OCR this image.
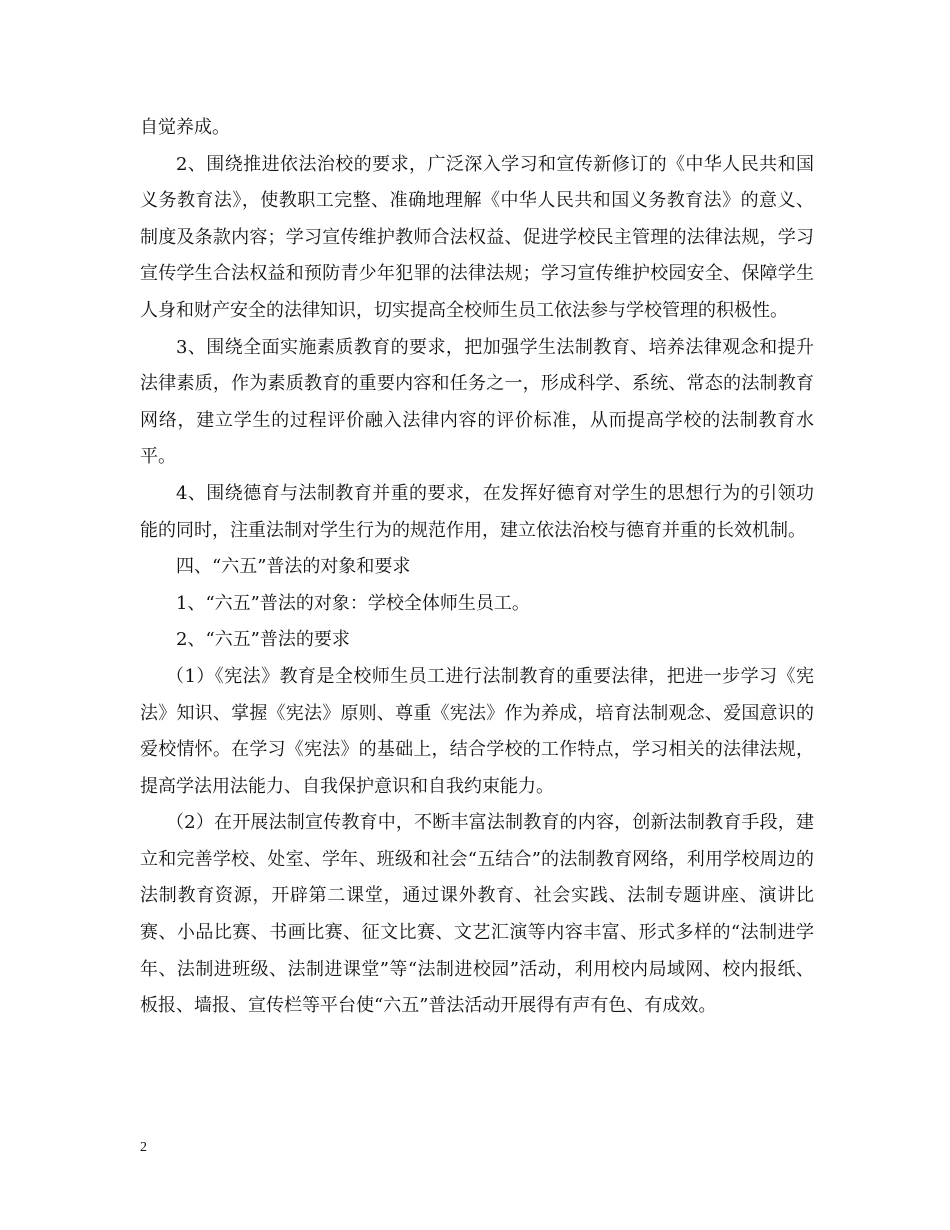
自觉养成。

2、围绕推进依法治校的要求，广泛深入学习和宣传新修订的《中华人民共和国义务教育法》，使教职工完整、准确地理解《中华人民共和国义务教育法》的意义、制度及条款内容；学习宣传维护教师合法权益、促进学校民主管理的法律法规，学习宣传学生合法权益和预防青少年犯罪的法律法规；学习宣传维护校园安全、保障学生人身和财产安全的法律知识，切实提高全校师生员工依法参与学校管理的积极性。

3、围绕全面实施素质教育的要求，把加强学生法制教育、培养法律观念和提升法律素质，作为素质教育的重要内容和任务之一，形成科学、系统、常态的法制教育网络，建立学生的过程评价融入法律内容的评价标准，从而提高学校的法制教育水平。

4、围绕德育与法制教育并重的要求，在发挥好德育对学生的思想行为的引领功能的同时，注重法制对学生行为的规范作用，建立依法治校与德育并重的长效机制。

四、“六五”普法的对象和要求

1、“六五”普法的对象：学校全体师生员工。

2、“六五”普法的要求

（1）《宪法》教育是全校师生员工进行法制教育的重要法律，把进一步学习《宪法》知识、掌握《宪法》原则、尊重《宪法》作为养成，培育法制观念、爱国意识的爱校情怀。在学习《宪法》的基础上，结合学校的工作特点，学习相关的法律法规，提高学法用法能力、自我保护意识和自我约束能力。

（2）在开展法制宣传教育中，不断丰富法制教育的内容，创新法制教育手段，建立和完善学校、处室、学年、班级和社会“五结合”的法制教育网络，利用学校周边的法制教育资源，开辟第二课堂，通过课外教育、社会实践、法制专题讲座、演讲比赛、小品比赛、书画比赛、征文比赛、文艺汇演等内容丰富、形式多样的“法制进学年、法制进班级、法制进课堂”等“法制进校园”活动，利用校内局域网、校内报纸、板报、墙报、宣传栏等平台使“六五”普法活动开展得有声有色、有成效。

2
